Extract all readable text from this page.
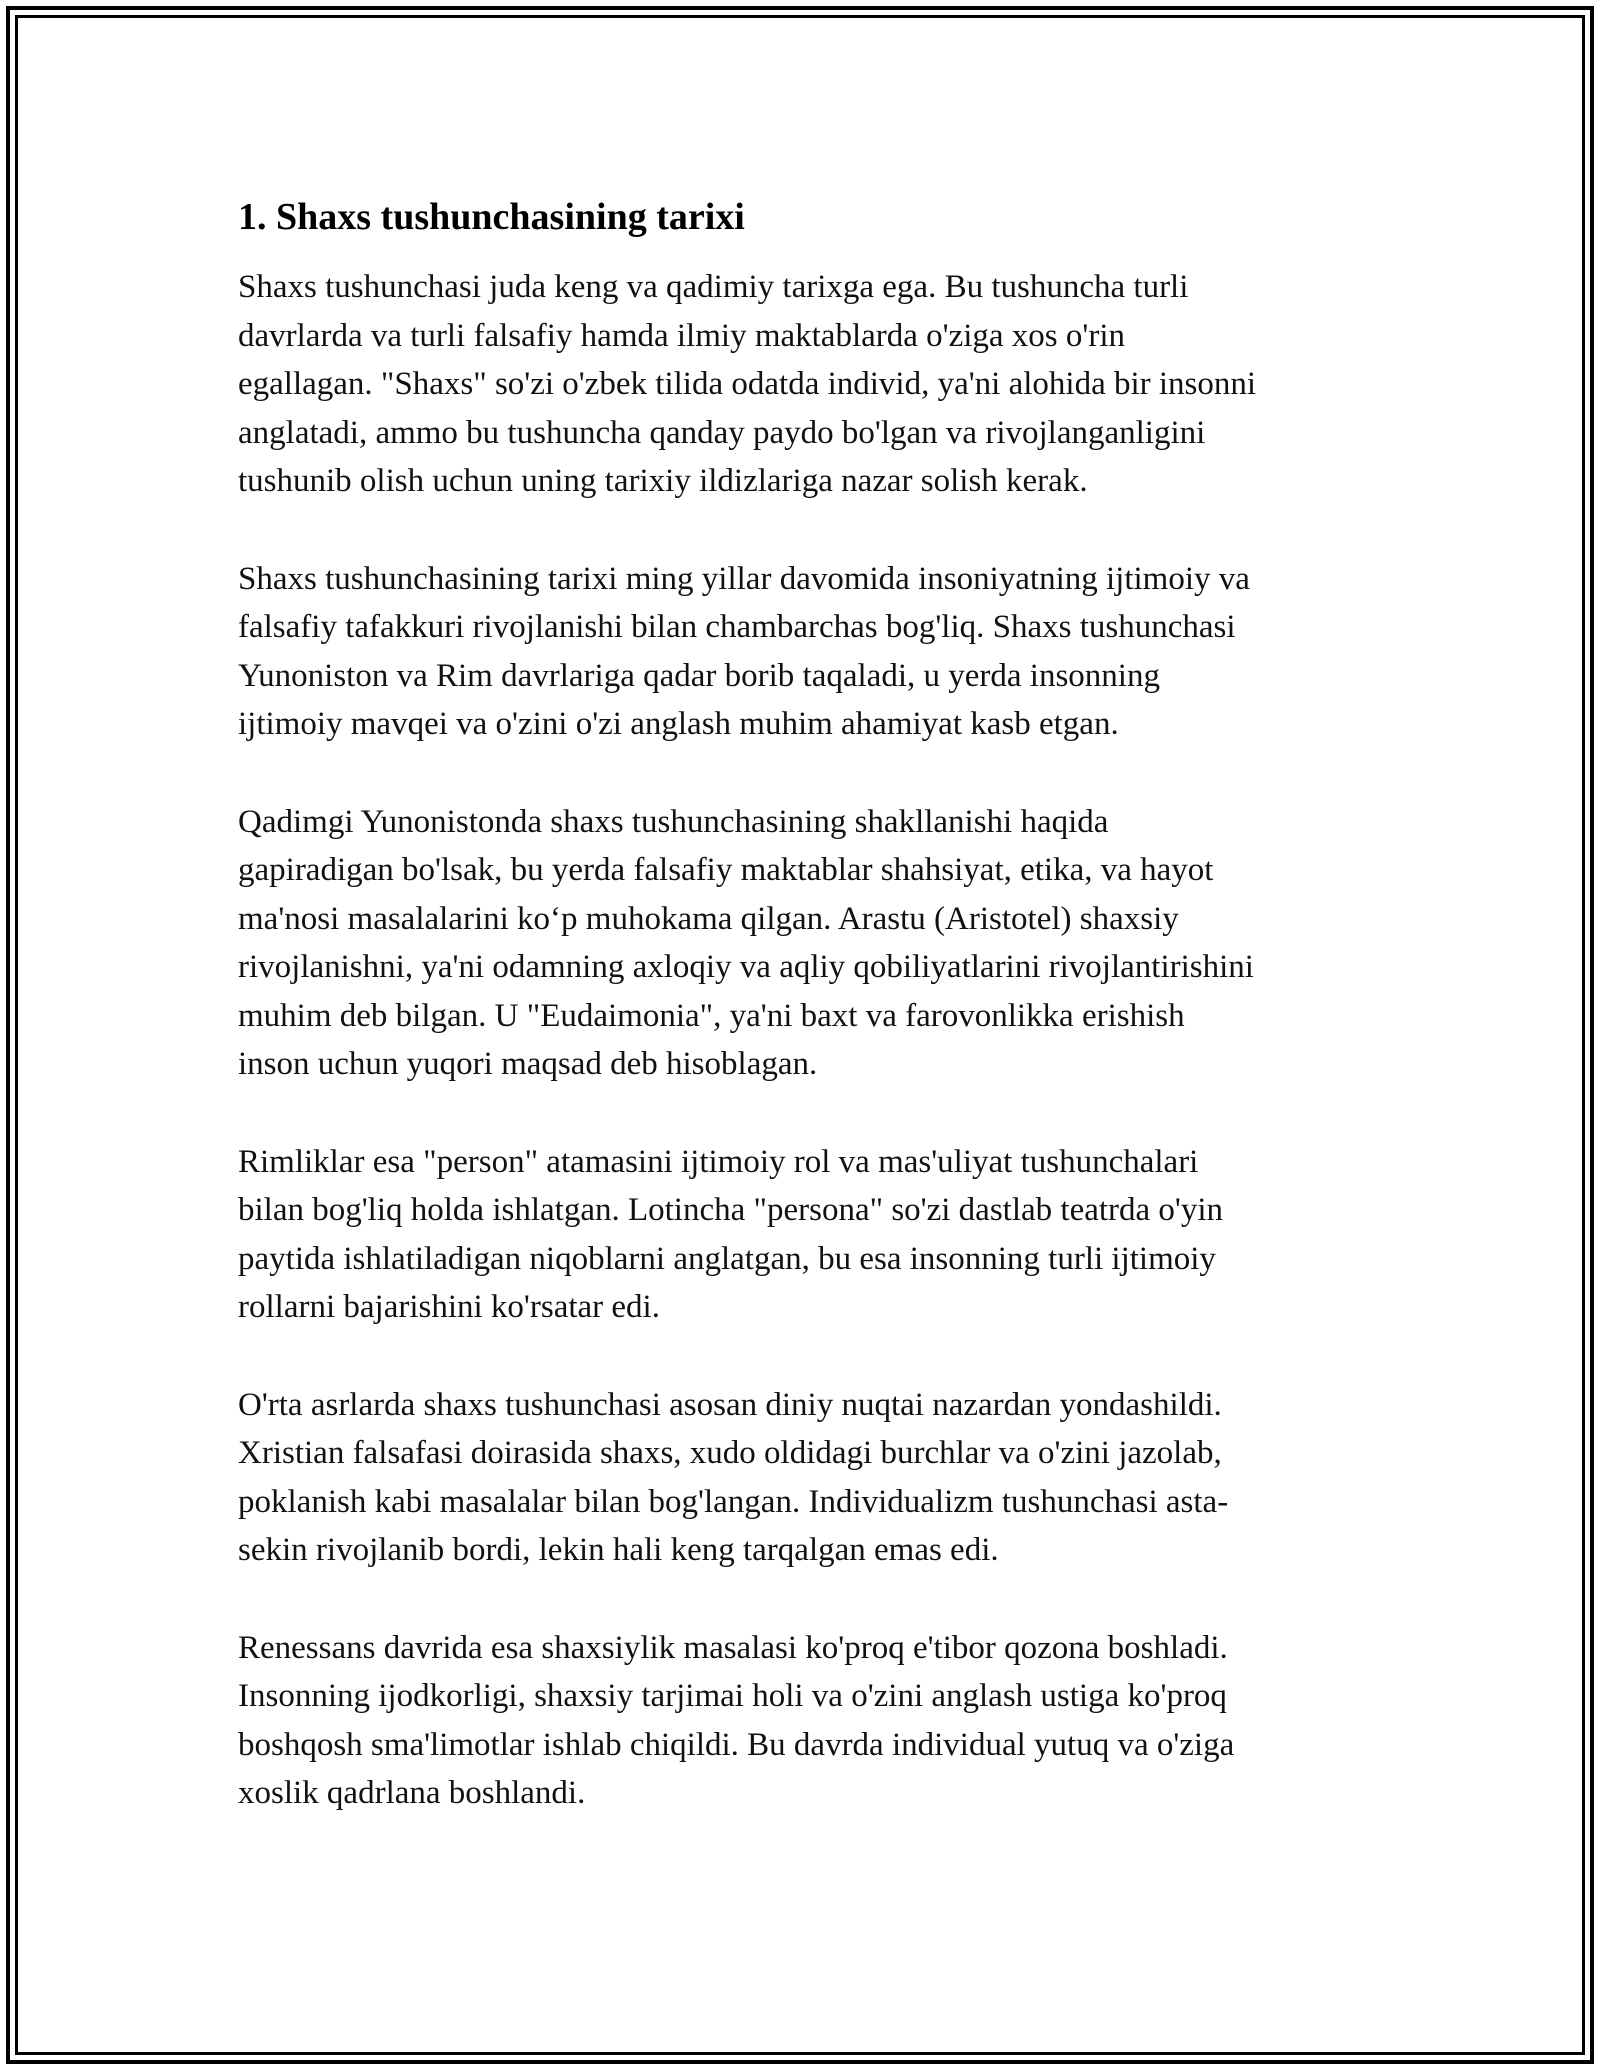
1. Shaxs tushunchasining tarixi

Shaxs tushunchasi juda keng va qadimiy tarixga ega. Bu tushuncha turli
davrlarda va turli falsafiy hamda ilmiy maktablarda o'ziga xos o'rin
egallagan. "Shaxs" so'zi o'zbek tilida odatda individ, ya'ni alohida bir insonni
anglatadi, ammo bu tushuncha qanday paydo bo'lgan va rivojlanganligini
tushunib olish uchun uning tarixiy ildizlariga nazar solish kerak.

Shaxs tushunchasining tarixi ming yillar davomida insoniyatning ijtimoiy va
falsafiy tafakkuri rivojlanishi bilan chambarchas bog'liq. Shaxs tushunchasi
Yunoniston va Rim davrlariga qadar borib taqaladi, u yerda insonning
ijtimoiy mavqei va o'zini o'zi anglash muhim ahamiyat kasb etgan.

Qadimgi Yunonistonda shaxs tushunchasining shakllanishi haqida
gapiradigan bo'lsak, bu yerda falsafiy maktablar shahsiyat, etika, va hayot
ma'nosi masalalarini ko‘p muhokama qilgan. Arastu (Aristotel) shaxsiy
rivojlanishni, ya'ni odamning axloqiy va aqliy qobiliyatlarini rivojlantirishini
muhim deb bilgan. U "Eudaimonia", ya'ni baxt va farovonlikka erishish
inson uchun yuqori maqsad deb hisoblagan.

Rimliklar esa "person" atamasini ijtimoiy rol va mas'uliyat tushunchalari
bilan bog'liq holda ishlatgan. Lotincha "persona" so'zi dastlab teatrda o'yin
paytida ishlatiladigan niqoblarni anglatgan, bu esa insonning turli ijtimoiy
rollarni bajarishini ko'rsatar edi.

O'rta asrlarda shaxs tushunchasi asosan diniy nuqtai nazardan yondashildi.
Xristian falsafasi doirasida shaxs, xudo oldidagi burchlar va o'zini jazolab,
poklanish kabi masalalar bilan bog'langan. Individualizm tushunchasi asta-
sekin rivojlanib bordi, lekin hali keng tarqalgan emas edi.

Renessans davrida esa shaxsiylik masalasi ko'proq e'tibor qozona boshladi.
Insonning ijodkorligi, shaxsiy tarjimai holi va o'zini anglash ustiga ko'proq
boshqosh sma'limotlar ishlab chiqildi. Bu davrda individual yutuq va o'ziga
xoslik qadrlana boshlandi.
